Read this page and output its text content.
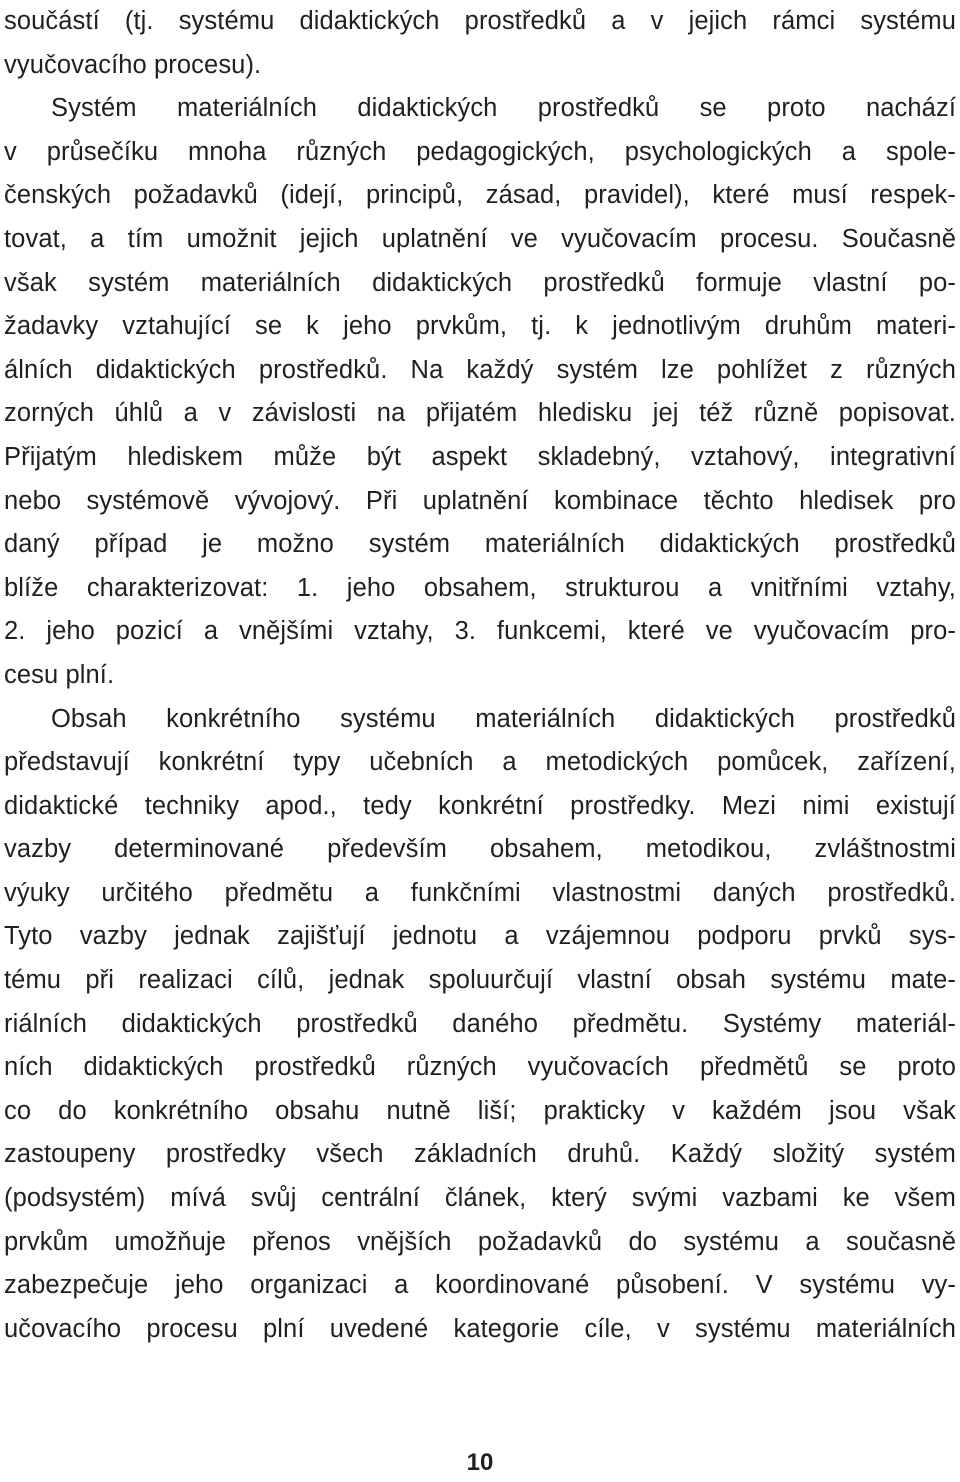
součástí (tj. systému didaktických prostředků a v jejich rámci systému
vyučovacího procesu).
Systém materiálních didaktických prostředků se proto nachází
v průsečíku mnoha různých pedagogických, psychologických a spole-
čenských požadavků (idejí, principů, zásad, pravidel), které musí respek-
tovat, a tím umožnit jejich uplatnění ve vyučovacím procesu. Současně
však systém materiálních didaktických prostředků formuje vlastní po-
žadavky vztahující se k jeho prvkům, tj. k jednotlivým druhům materi-
álních didaktických prostředků. Na každý systém lze pohlížet z různých
zorných úhlů a v závislosti na přijatém hledisku jej též různě popisovat.
Přijatým hlediskem může být aspekt skladebný, vztahový, integrativní
nebo systémově vývojový. Při uplatnění kombinace těchto hledisek pro
daný případ je možno systém materiálních didaktických prostředků
blíže charakterizovat: 1. jeho obsahem, strukturou a vnitřními vztahy,
2. jeho pozicí a vnějšími vztahy, 3. funkcemi, které ve vyučovacím pro-
cesu plní.
Obsah konkrétního systému materiálních didaktických prostředků
představují konkrétní typy učebních a metodických pomůcek, zařízení,
didaktické techniky apod., tedy konkrétní prostředky. Mezi nimi existují
vazby determinované především obsahem, metodikou, zvláštnostmi
výuky určitého předmětu a funkčními vlastnostmi daných prostředků.
Tyto vazby jednak zajišťují jednotu a vzájemnou podporu prvků sys-
tému při realizaci cílů, jednak spoluurčují vlastní obsah systému mate-
riálních didaktických prostředků daného předmětu. Systémy materiál-
ních didaktických prostředků různých vyučovacích předmětů se proto
co do konkrétního obsahu nutně liší; prakticky v každém jsou však
zastoupeny prostředky všech základních druhů. Každý složitý systém
(podsystém) mívá svůj centrální článek, který svými vazbami ke všem
prvkům umožňuje přenos vnějších požadavků do systému a současně
zabezpečuje jeho organizaci a koordinované působení. V systému vy-
učovacího procesu plní uvedené kategorie cíle, v systému materiálních
10
